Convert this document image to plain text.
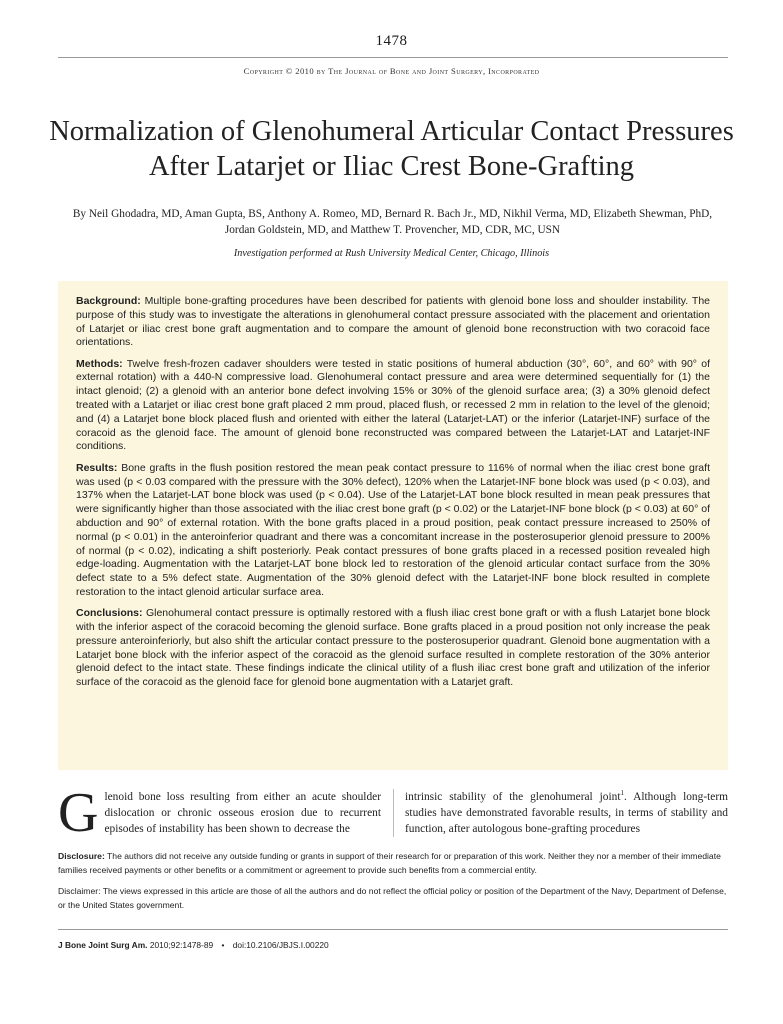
1478
Copyright © 2010 by The Journal of Bone and Joint Surgery, Incorporated
Normalization of Glenohumeral Articular Contact Pressures After Latarjet or Iliac Crest Bone-Grafting
By Neil Ghodadra, MD, Aman Gupta, BS, Anthony A. Romeo, MD, Bernard R. Bach Jr., MD, Nikhil Verma, MD, Elizabeth Shewman, PhD, Jordan Goldstein, MD, and Matthew T. Provencher, MD, CDR, MC, USN
Investigation performed at Rush University Medical Center, Chicago, Illinois

Background: Multiple bone-grafting procedures have been described for patients with glenoid bone loss and shoulder instability. The purpose of this study was to investigate the alterations in glenohumeral contact pressure associated with the placement and orientation of Latarjet or iliac crest bone graft augmentation and to compare the amount of glenoid bone reconstruction with two coracoid face orientations.

Methods: Twelve fresh-frozen cadaver shoulders were tested in static positions of humeral abduction (30°, 60°, and 60° with 90° of external rotation) with a 440-N compressive load. Glenohumeral contact pressure and area were determined sequentially for (1) the intact glenoid; (2) a glenoid with an anterior bone defect involving 15% or 30% of the glenoid surface area; (3) a 30% glenoid defect treated with a Latarjet or iliac crest bone graft placed 2 mm proud, placed flush, or recessed 2 mm in relation to the level of the glenoid; and (4) a Latarjet bone block placed flush and oriented with either the lateral (Latarjet-LAT) or the inferior (Latarjet-INF) surface of the coracoid as the glenoid face. The amount of glenoid bone reconstructed was compared between the Latarjet-LAT and Latarjet-INF conditions.

Results: Bone grafts in the flush position restored the mean peak contact pressure to 116% of normal when the iliac crest bone graft was used (p < 0.03 compared with the pressure with the 30% defect), 120% when the Latarjet-INF bone block was used (p < 0.03), and 137% when the Latarjet-LAT bone block was used (p < 0.04). Use of the Latarjet-LAT bone block resulted in mean peak pressures that were significantly higher than those associated with the iliac crest bone graft (p < 0.02) or the Latarjet-INF bone block (p < 0.03) at 60° of abduction and 90° of external rotation. With the bone grafts placed in a proud position, peak contact pressure increased to 250% of normal (p < 0.01) in the anteroinferior quadrant and there was a concomitant increase in the posterosuperior glenoid pressure to 200% of normal (p < 0.02), indicating a shift posteriorly. Peak contact pressures of bone grafts placed in a recessed position revealed high edge-loading. Augmentation with the Latarjet-LAT bone block led to restoration of the glenoid articular contact surface from the 30% defect state to a 5% defect state. Augmentation of the 30% glenoid defect with the Latarjet-INF bone block resulted in complete restoration to the intact glenoid articular surface area.

Conclusions: Glenohumeral contact pressure is optimally restored with a flush iliac crest bone graft or with a flush Latarjet bone block with the inferior aspect of the coracoid becoming the glenoid surface. Bone grafts placed in a proud position not only increase the peak pressure anteroinferiorly, but also shift the articular contact pressure to the posterosuperior quadrant. Glenoid bone augmentation with a Latarjet bone block with the inferior aspect of the coracoid as the glenoid surface resulted in complete restoration of the 30% anterior glenoid defect to the intact state. These findings indicate the clinical utility of a flush iliac crest bone graft and utilization of the inferior surface of the coracoid as the glenoid face for glenoid bone augmentation with a Latarjet graft.

Glenoid bone loss resulting from either an acute shoulder dislocation or chronic osseous erosion due to recurrent episodes of instability has been shown to decrease the
intrinsic stability of the glenohumeral joint$^1$. Although long-term studies have demonstrated favorable results, in terms of stability and function, after autologous bone-grafting procedures
Disclosure: The authors did not receive any outside funding or grants in support of their research for or preparation of this work. Neither they nor a member of their immediate families received payments or other benefits or a commitment or agreement to provide such benefits from a commercial entity.
Disclaimer: The views expressed in this article are those of all the authors and do not reflect the official policy or position of the Department of the Navy, Department of Defense, or the United States government.
J Bone Joint Surg Am. 2010;92:1478-89 • doi:10.2106/JBJS.I.00220
